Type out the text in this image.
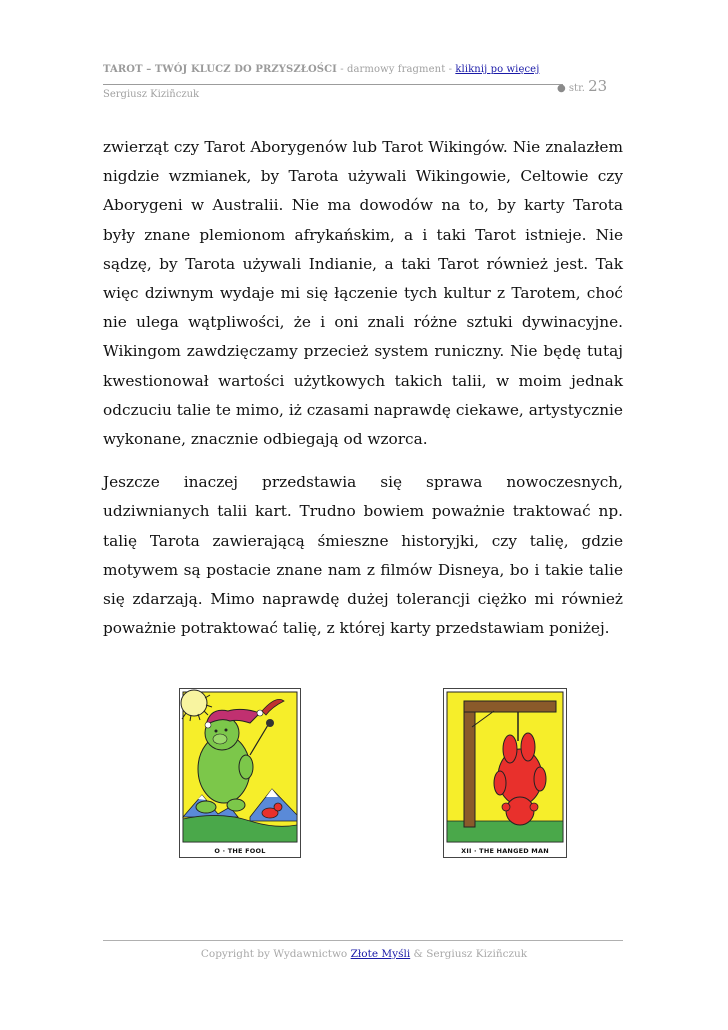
TAROT – TWÓJ KLUCZ DO PRZYSZŁOŚCI - darmowy fragment - kliknij po więcej
Sergiusz Kiziñczuk
● str. 23

zwierząt czy Tarot Aborygenów lub Tarot Wikingów. Nie znalazłem nigdzie wzmianek, by Tarota używali Wikingowie, Celtowie czy Aborygeni w Australii. Nie ma dowodów na to, by karty Tarota były znane plemionom afrykańskim, a i taki Tarot istnieje. Nie sądzę, by Tarota używali Indianie, a taki Tarot również jest. Tak więc dziwnym wydaje mi się łączenie tych kultur z Tarotem, choć nie ulega wątpliwości, że i oni znali różne sztuki dywinacyjne. Wikingom zawdzięczamy przecież system runiczny. Nie będę tutaj kwestionował wartości użytkowych takich talii, w moim jednak odczuciu talie te mimo, iż czasami naprawdę ciekawe, artystycznie wykonane, znacznie odbiegają od wzorca.

Jeszcze inaczej przedstawia się sprawa nowoczesnych, udziwnianych talii kart. Trudno bowiem poważnie traktować np. talię Tarota zawierającą śmieszne historyjki, czy talię, gdzie motywem są postacie znane nam z filmów Disneya, bo i takie talie się zdarzają. Mimo naprawdę dużej tolerancji ciężko mi również poważnie potraktować talię, z której karty przedstawiam poniżej.

O · THE FOOL	XII · THE HANGED MAN
Copyright by Wydawnictwo Złote Myśli & Sergiusz Kiziñczuk
